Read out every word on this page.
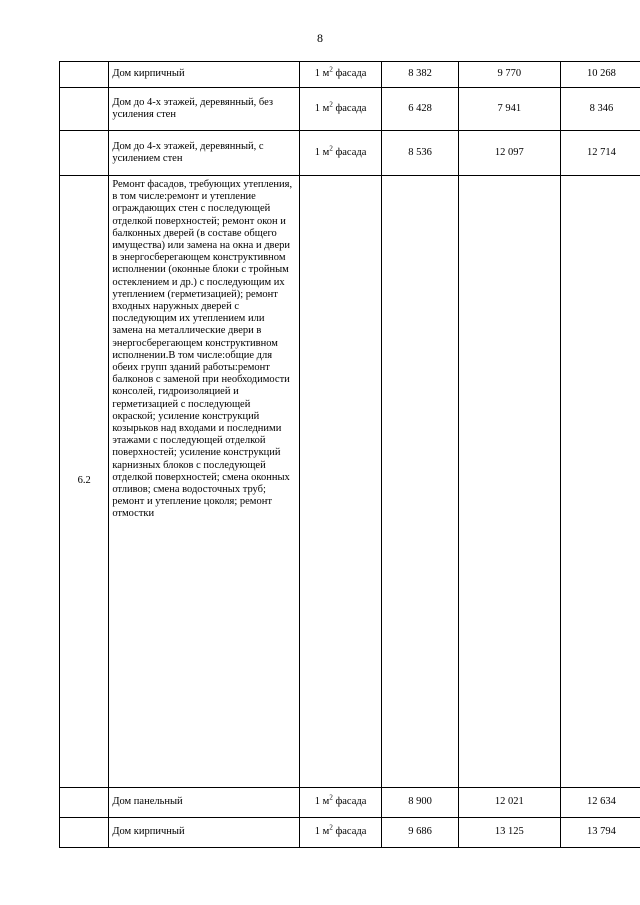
8
	Дом кирпичный	1 $м^2$ фасада	8 382	9 770	10 268
	Дом до 4-х этажей, деревянный, без усиления стен	1 $м^2$ фасада	6 428	7 941	8 346
	Дом до 4-х этажей, деревянный, с усилением стен	1 $м^2$ фасада	8 536	12 097	12 714
6.2	Ремонт фасадов, требующих утепления, в том числе:ремонт и утепление ограждающих стен с последующей отделкой поверхностей; ремонт окон и балконных дверей (в составе общего имущества) или замена на окна и двери в энергосберегающем конструктивном исполнении (оконные блоки с тройным остеклением и др.) с последующим их утеплением (герметизацией); ремонт входных наружных дверей с последующим их утеплением или замена на металлические двери в энергосберегающем конструктивном исполнении.В том числе:общие для обеих групп зданий работы:ремонт балконов с заменой при необходимости консолей, гидроизоляцией и герметизацией с последующей окраской; усиление конструкций козырьков над входами и последними этажами с последующей отделкой поверхностей; усиление конструкций карнизных блоков с последующей отделкой поверхностей; смена оконных отливов; смена водосточных труб; ремонт и утепление цоколя; ремонт отмостки				
	Дом панельный	1 $м^2$ фасада	8 900	12 021	12 634
	Дом кирпичный	1 $м^2$ фасада	9 686	13 125	13 794
